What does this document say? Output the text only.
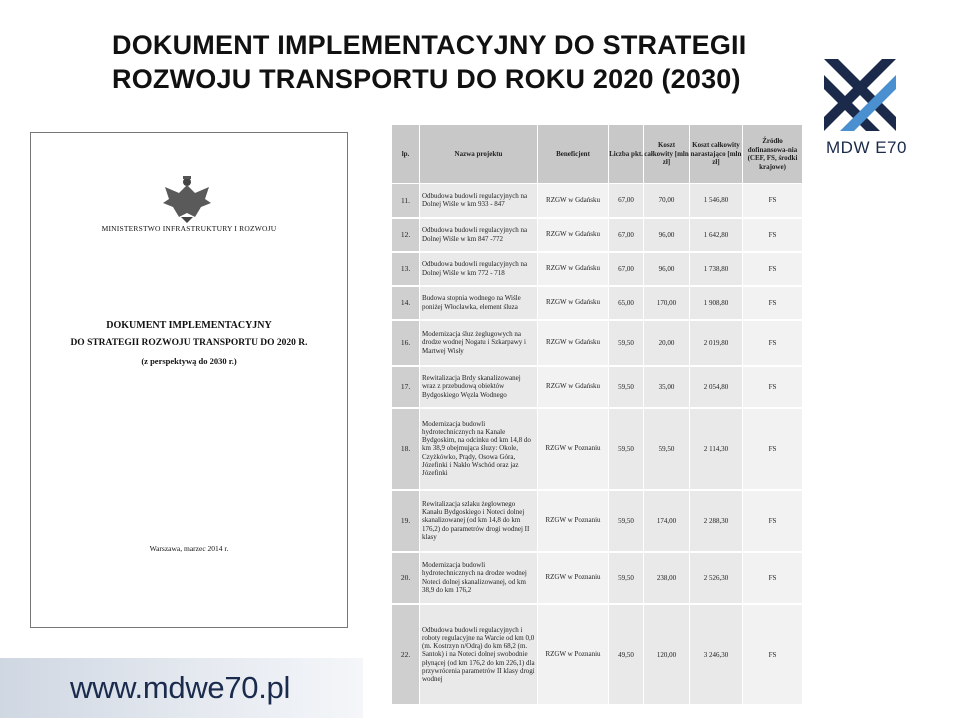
DOKUMENT IMPLEMENTACYJNY DO STRATEGII
ROZWOJU TRANSPORTU DO ROKU 2020 (2030)
MDW E70
MINISTERSTWO INFRASTRUKTURY I ROZWOJU
DOKUMENT IMPLEMENTACYJNY
DO STRATEGII ROZWOJU TRANSPORTU DO 2020 R.
(z perspektywą do 2030 r.)
Warszawa, marzec 2014 r.
www.mdwe70.pl
lp.	Nazwa projektu	Beneficjent	Liczba pkt.	Koszt całkowity [mln zł]	Koszt całkowity narastająco [mln zł]	Źródło dofinansowa-nia (CEF, FS, środki krajowe)
11.	Odbudowa budowli regulacyjnych na Dolnej Wiśle w km 933 - 847	RZGW w Gdańsku	67,00	70,00	1 546,80	FS
12.	Odbudowa budowli regulacyjnych na Dolnej Wiśle w km 847 -772	RZGW w Gdańsku	67,00	96,00	1 642,80	FS
13.	Odbudowa budowli regulacyjnych na Dolnej Wiśle w km 772 - 718	RZGW w Gdańsku	67,00	96,00	1 738,80	FS
14.	Budowa stopnia wodnego na Wiśle poniżej Włocławka, element śluza	RZGW w Gdańsku	65,00	170,00	1 908,80	FS
16.	Modernizacja śluz żeglugowych na drodze wodnej Nogatu i Szkarpawy i Martwej Wisły	RZGW w Gdańsku	59,50	20,00	2 019,80	FS
17.	Rewitalizacja Brdy skanalizowanej wraz z przebudową obiektów Bydgoskiego Węzła Wodnego	RZGW w Gdańsku	59,50	35,00	2 054,80	FS
18.	Modernizacja budowli hydrotechnicznych na Kanale Bydgoskim, na odcinku od km 14,8 do km 38,9 obejmująca śluzy: Okole, Czyżkówko, Prądy, Osowa Góra, Józefinki i Nakło Wschód oraz jaz Józefinki	RZGW w Poznaniu	59,50	59,50	2 114,30	FS
19.	Rewitalizacja szlaku żeglownego Kanału Bydgoskiego i Noteci dolnej skanalizowanej (od km 14,8 do km 176,2) do parametrów drogi wodnej II klasy	RZGW w Poznaniu	59,50	174,00	2 288,30	FS
20.	Modernizacja budowli hydrotechnicznych na drodze wodnej Noteci dolnej skanalizowanej, od km 38,9 do km 176,2	RZGW w Poznaniu	59,50	238,00	2 526,30	FS
22.	Odbudowa budowli regulacyjnych i roboty regulacyjne na Warcie od km 0,0 (m. Kostrzyn n/Odrą) do km 68,2 (m. Santok) i na Noteci dolnej swobodnie płynącej (od km 176,2 do km 226,1) dla przywrócenia parametrów II klasy drogi wodnej	RZGW w Poznaniu	49,50	120,00	3 246,30	FS
